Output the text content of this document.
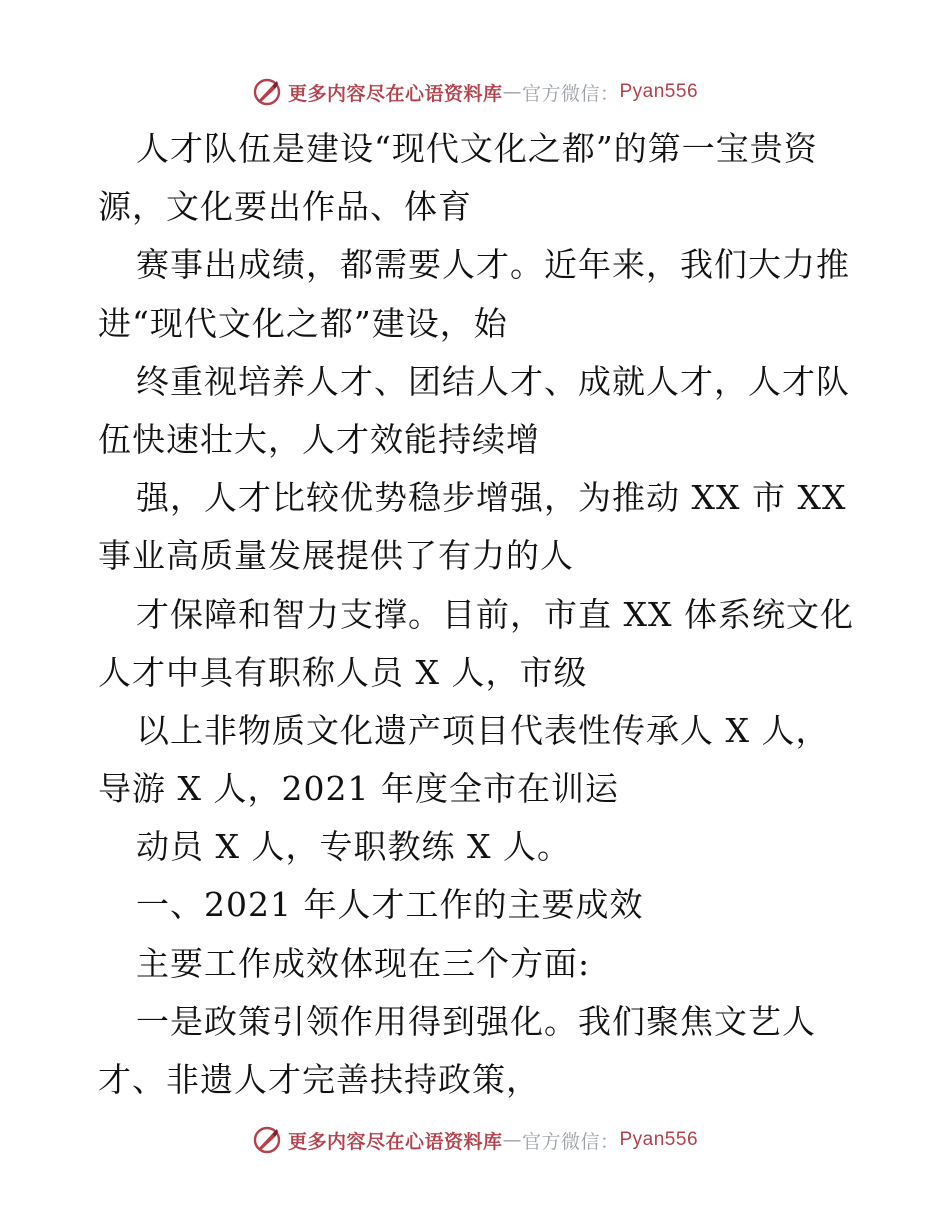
更多内容尽在心语资料库 — 官方微信： Pyan556
人才队伍是建设“现代文化之都”的第一宝贵资
源，文化要出作品、体育
赛事出成绩，都需要人才。近年来，我们大力推
进“现代文化之都”建设，始
终重视培养人才、团结人才、成就人才，人才队
伍快速壮大，人才效能持续增
强，人才比较优势稳步增强，为推动 XX 市 XX
事业高质量发展提供了有力的人
才保障和智力支撑。目前，市直 XX 体系统文化
人才中具有职称人员 X 人，市级
以上非物质文化遗产项目代表性传承人 X 人，
导游 X 人，2021 年度全市在训运
动员 X 人，专职教练 X 人。
一、2021 年人才工作的主要成效
主要工作成效体现在三个方面:
一是政策引领作用得到强化。我们聚焦文艺人
才、非遗人才完善扶持政策，
更多内容尽在心语资料库 — 官方微信： Pyan556
